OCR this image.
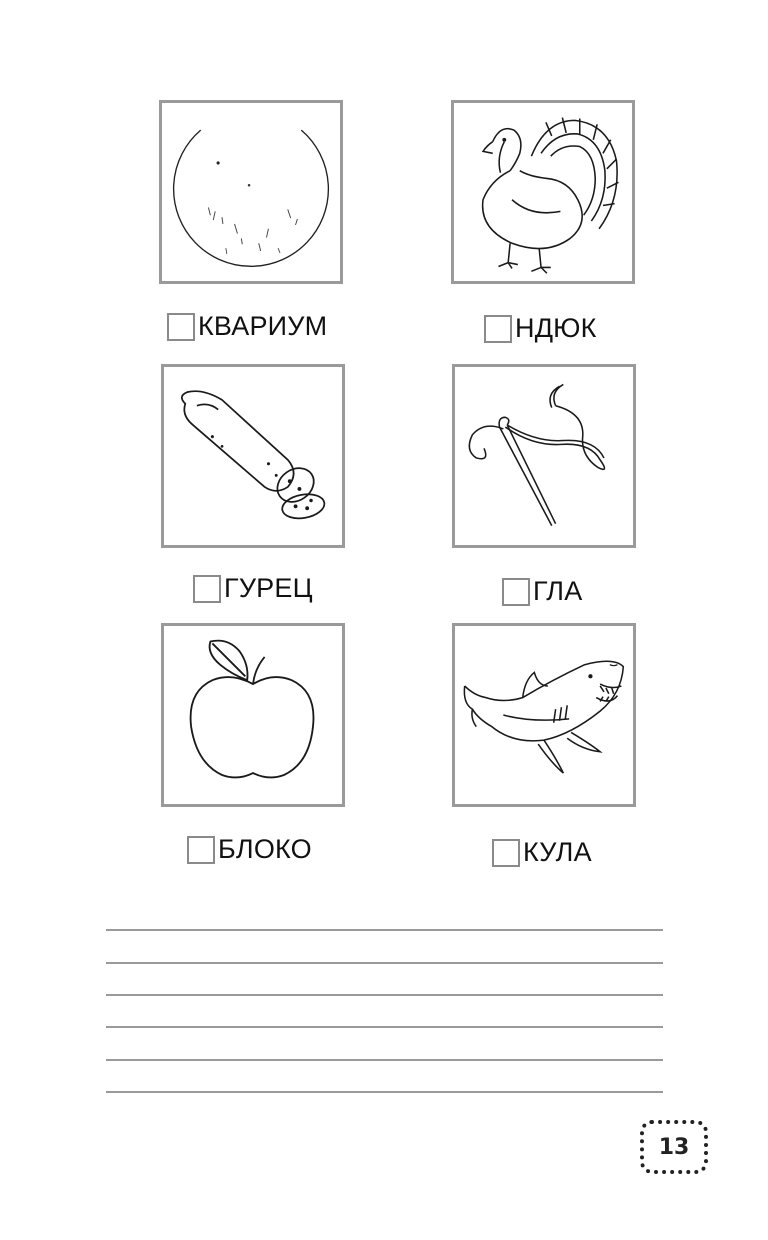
КВАРИУМ	НДЮК
ГУРЕЦ	ГЛА
БЛОКО	КУЛА
13
